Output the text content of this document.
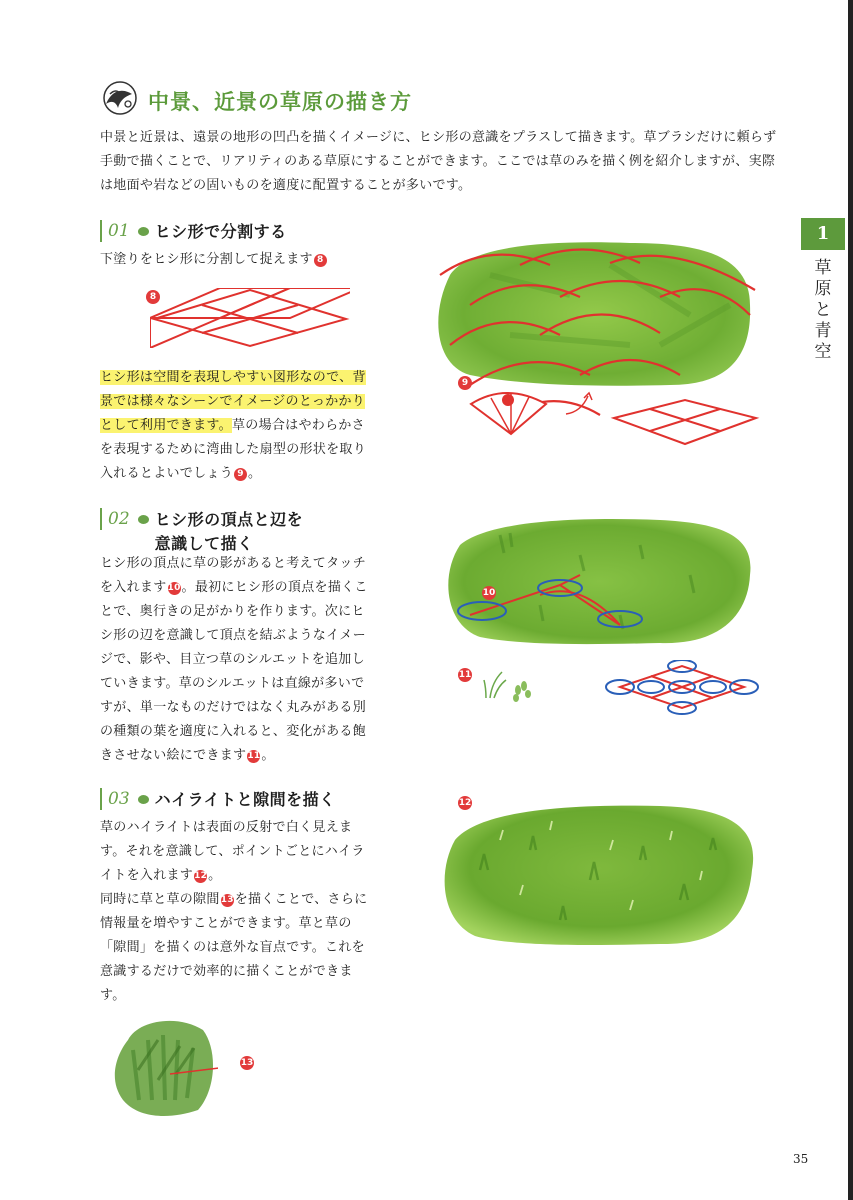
1
草原と青空
中景、近景の草原の描き方
中景と近景は、遠景の地形の凹凸を描くイメージに、ヒシ形の意識をプラスして描きます。草ブラシだけに頼らず手動で描くことで、リアリティのある草原にすることができます。ここでは草のみを描く例を紹介しますが、実際は地面や岩などの固いものを適度に配置することが多いです。
01 ヒシ形で分割する
下塗りをヒシ形に分割して捉えます 8
8
ヒシ形は空間を表現しやすい図形なので、背景では様々なシーンでイメージのとっかかりとして利用できます。草の場合はやわらかさを表現するために湾曲した扇型の形状を取り入れるとよいでしょう 9 。
9
02 ヒシ形の頂点と辺を
意識して描く
ヒシ形の頂点に草の影があると考えてタッチを入れます10。最初にヒシ形の頂点を描くことで、奥行きの足がかりを作ります。次にヒシ形の辺を意識して頂点を結ぶようなイメージで、影や、目立つ草のシルエットを追加していきます。草のシルエットは直線が多いですが、単一なものだけではなく丸みがある別の種類の葉を適度に入れると、変化がある飽きさせない絵にできます11。
10
11
03 ハイライトと隙間を描く
草のハイライトは表面の反射で白く見えます。それを意識して、ポイントごとにハイライトを入れます12。
同時に草と草の隙間13を描くことで、さらに情報量を増やすことができます。草と草の「隙間」を描くのは意外な盲点です。これを意識するだけで効率的に描くことができます。
12
13
35
